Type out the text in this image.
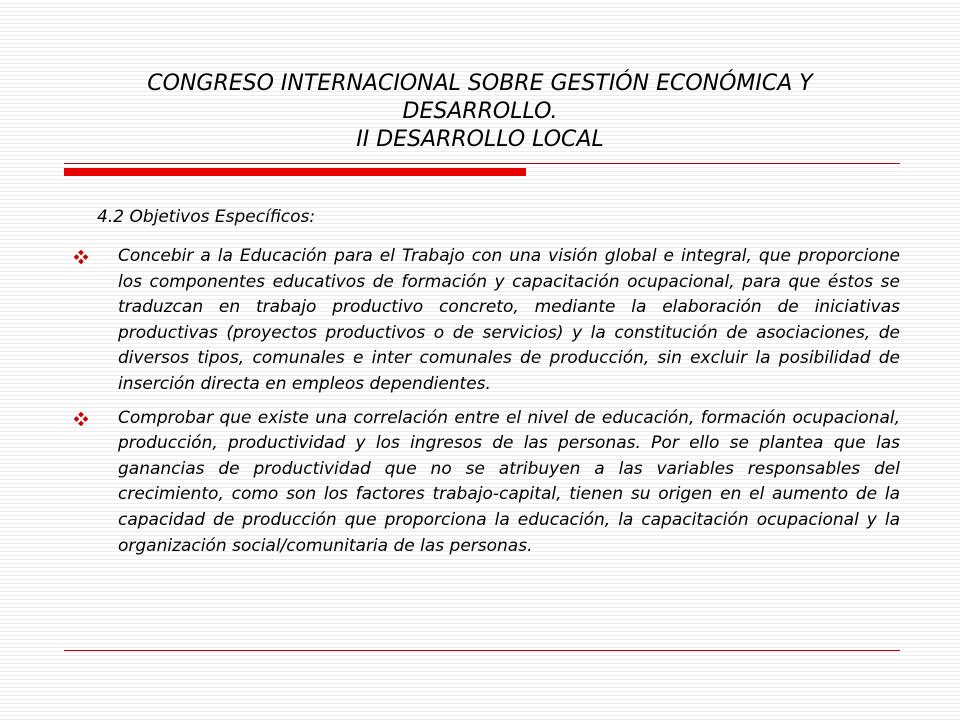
CONGRESO INTERNACIONAL SOBRE GESTIÓN ECONÓMICA Y
DESARROLLO.
II DESARROLLO LOCAL
4.2 Objetivos Específicos:
Concebir a la Educación para el Trabajo con una visión global e integral, que proporcione los componentes educativos de formación y capacitación ocupacional, para que éstos se traduzcan en trabajo productivo concreto, mediante la elaboración de iniciativas productivas (proyectos productivos o de servicios) y la constitución de asociaciones, de diversos tipos, comunales e inter comunales de producción, sin excluir la posibilidad de inserción directa en empleos dependientes.
Comprobar que existe una correlación entre el nivel de educación, formación ocupacional, producción, productividad y los ingresos de las personas. Por ello se plantea que las ganancias de productividad que no se atribuyen a las variables responsables del crecimiento, como son los factores trabajo-capital, tienen su origen en el aumento de la capacidad de producción que proporciona la educación, la capacitación ocupacional y la organización social/comunitaria de las personas.
